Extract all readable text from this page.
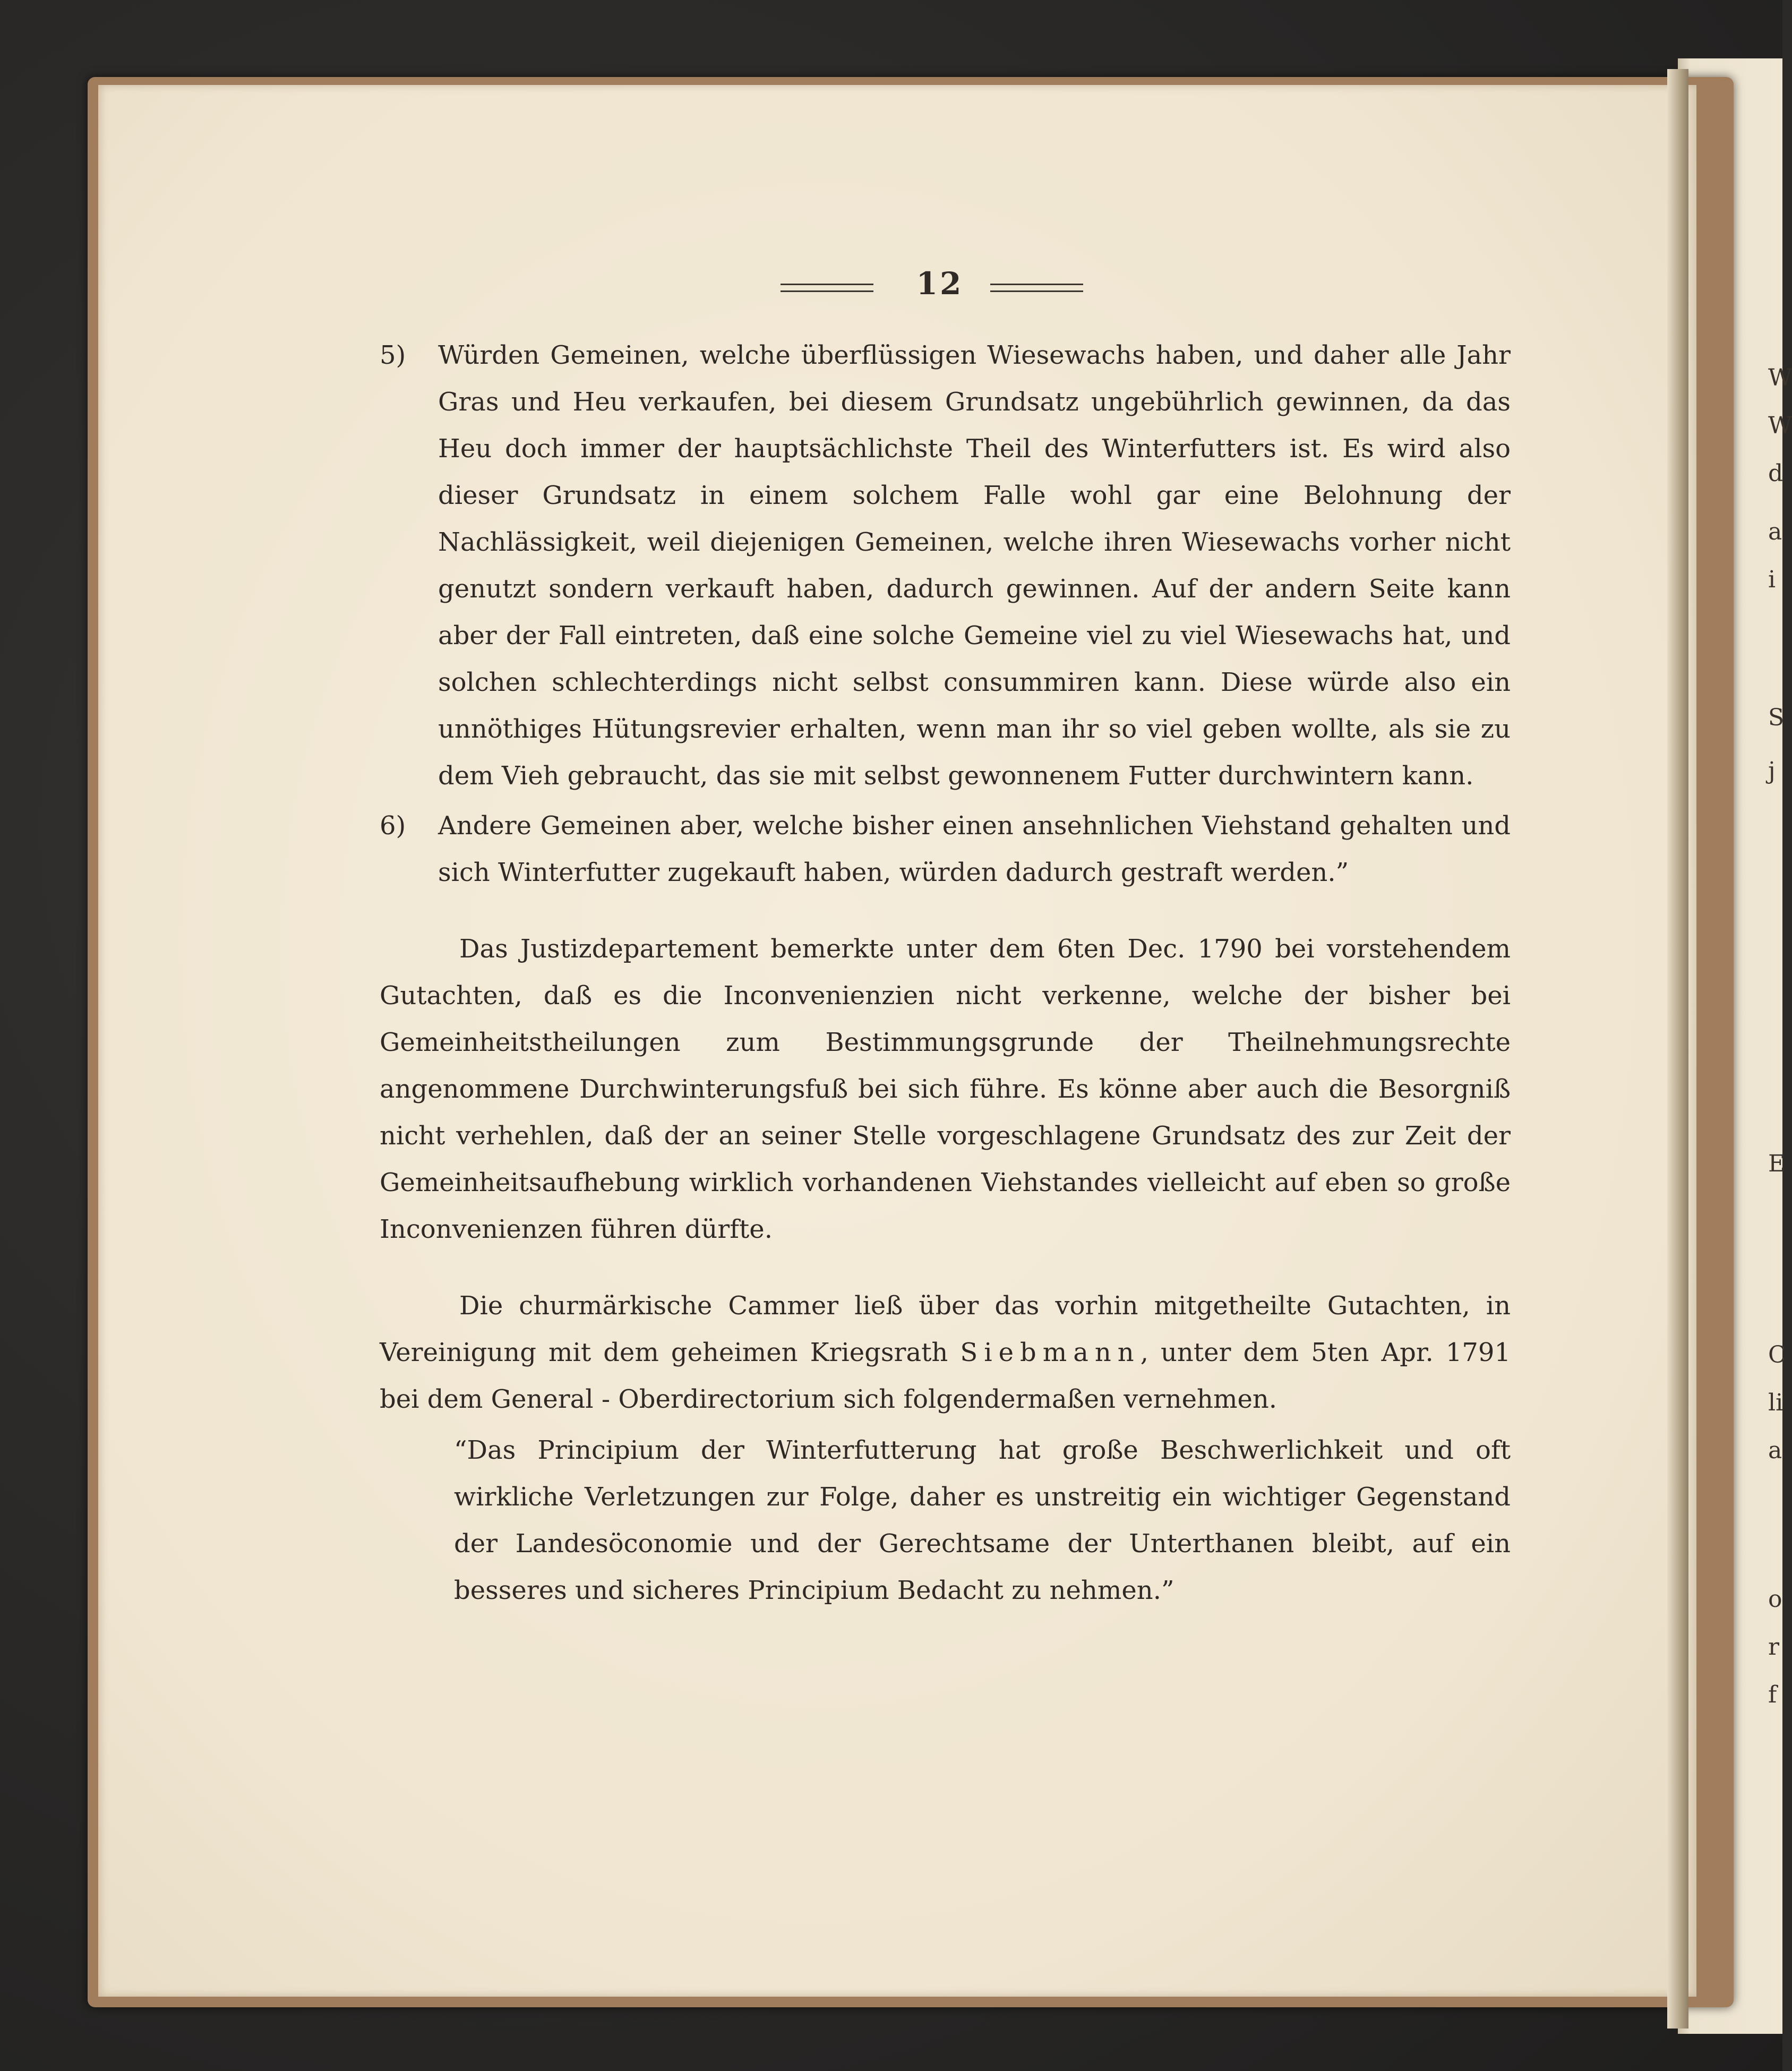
W
W
d
a
i
S
j
E
C
li
a
o
r
f
12
5) Würden Gemeinen, welche überflüssigen Wiesewachs haben, und daher alle Jahr Gras und Heu verkaufen, bei diesem Grundsatz ungebührlich gewinnen, da das Heu doch immer der hauptsächlichste Theil des Winterfutters ist. Es wird also dieser Grundsatz in einem solchem Falle wohl gar eine Belohnung der Nachlässigkeit, weil diejenigen Gemeinen, welche ihren Wiesewachs vorher nicht genutzt sondern verkauft haben, dadurch gewinnen. Auf der andern Seite kann aber der Fall eintreten, daß eine solche Gemeine viel zu viel Wiesewachs hat, und solchen schlechterdings nicht selbst consummiren kann. Diese würde also ein unnöthiges Hütungsrevier erhalten, wenn man ihr so viel geben wollte, als sie zu dem Vieh gebraucht, das sie mit selbst gewonnenem Futter durchwintern kann.
6) Andere Gemeinen aber, welche bisher einen ansehnlichen Viehstand gehalten und sich Winterfutter zugekauft haben, würden dadurch gestraft werden.”

Das Justizdepartement bemerkte unter dem 6ten Dec. 1790 bei vorstehendem Gutachten, daß es die Inconvenienzien nicht verkenne, welche der bisher bei Gemeinheitstheilungen zum Bestimmungsgrunde der Theilnehmungsrechte angenommene Durchwinterungsfuß bei sich führe. Es könne aber auch die Besorgniß nicht verhehlen, daß der an seiner Stelle vorgeschlagene Grundsatz des zur Zeit der Gemeinheitsaufhebung wirklich vorhandenen Viehstandes vielleicht auf eben so große Inconvenienzen führen dürfte.

Die churmärkische Cammer ließ über das vorhin mitgetheilte Gutachten, in Vereinigung mit dem geheimen Kriegsrath Siebmann, unter dem 5ten Apr. 1791 bei dem General - Oberdirectorium sich folgendermaßen vernehmen.

“Das Principium der Winterfutterung hat große Beschwerlichkeit und oft wirkliche Verletzungen zur Folge, daher es unstreitig ein wichtiger Gegenstand der Landesöconomie und der Gerechtsame der Unterthanen bleibt, auf ein besseres und sicheres Principium Bedacht zu nehmen.”
